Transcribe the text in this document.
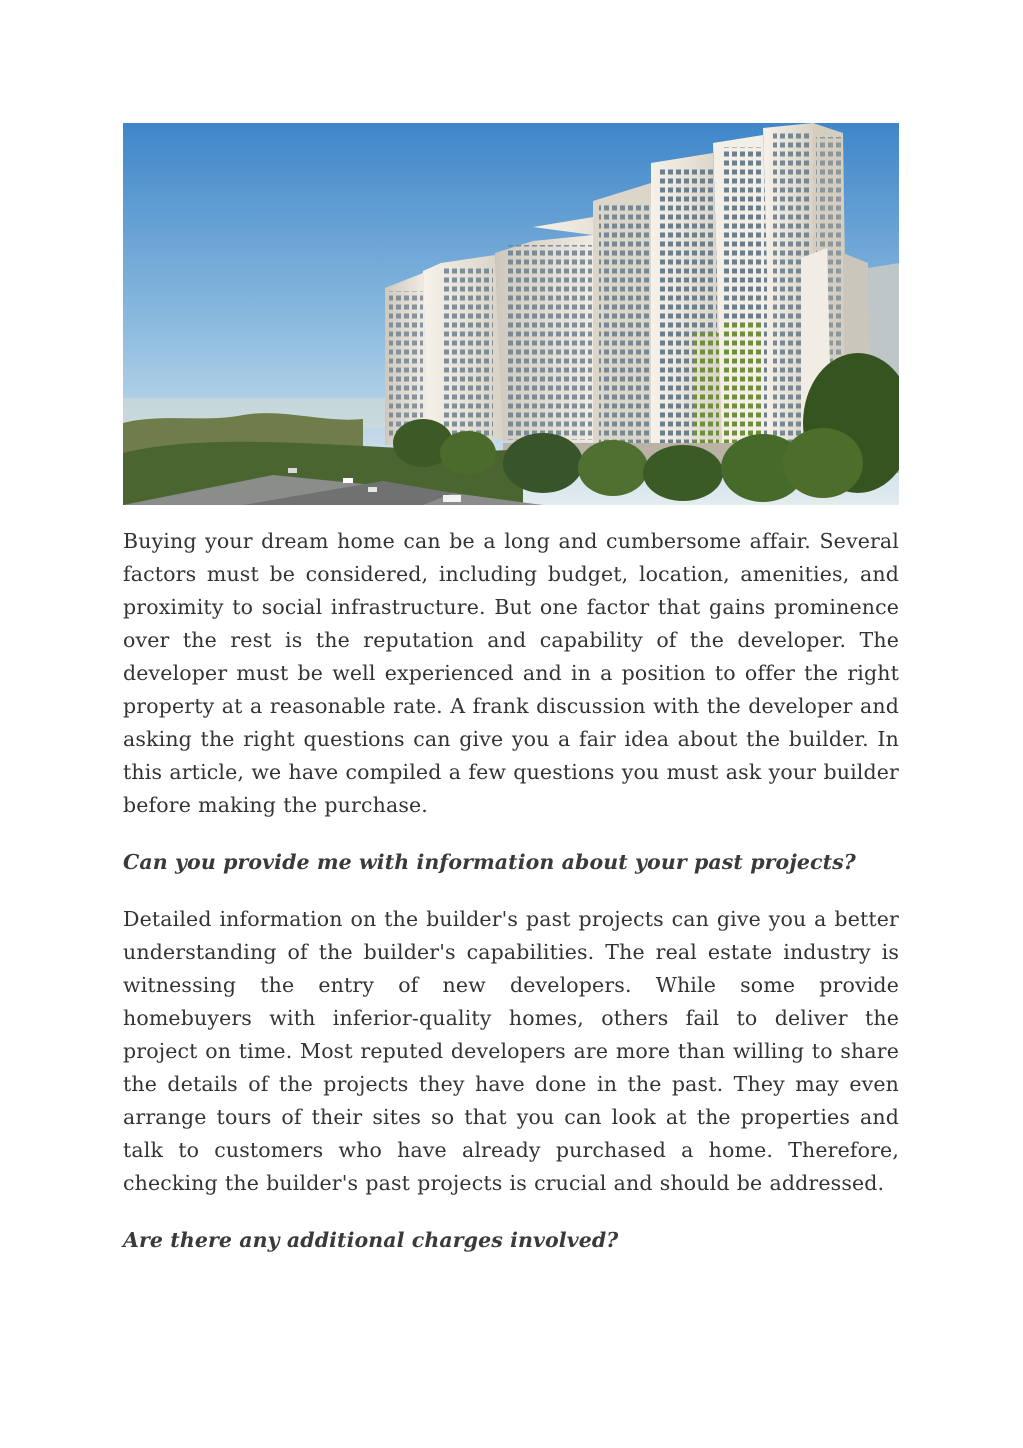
Buying your dream home can be a long and cumbersome affair. Several factors must be considered, including budget, location, amenities, and proximity to social infrastructure. But one factor that gains prominence over the rest is the reputation and capability of the developer. The developer must be well experienced and in a position to offer the right property at a reasonable rate. A frank discussion with the developer and asking the right questions can give you a fair idea about the builder. In this article, we have compiled a few questions you must ask your builder before making the purchase.

Can you provide me with information about your past projects?

Detailed information on the builder's past projects can give you a better understanding of the builder's capabilities. The real estate industry is witnessing the entry of new developers. While some provide homebuyers with inferior-quality homes, others fail to deliver the project on time. Most reputed developers are more than willing to share the details of the projects they have done in the past. They may even arrange tours of their sites so that you can look at the properties and talk to customers who have already purchased a home. Therefore, checking the builder's past projects is crucial and should be addressed.

Are there any additional charges involved?
